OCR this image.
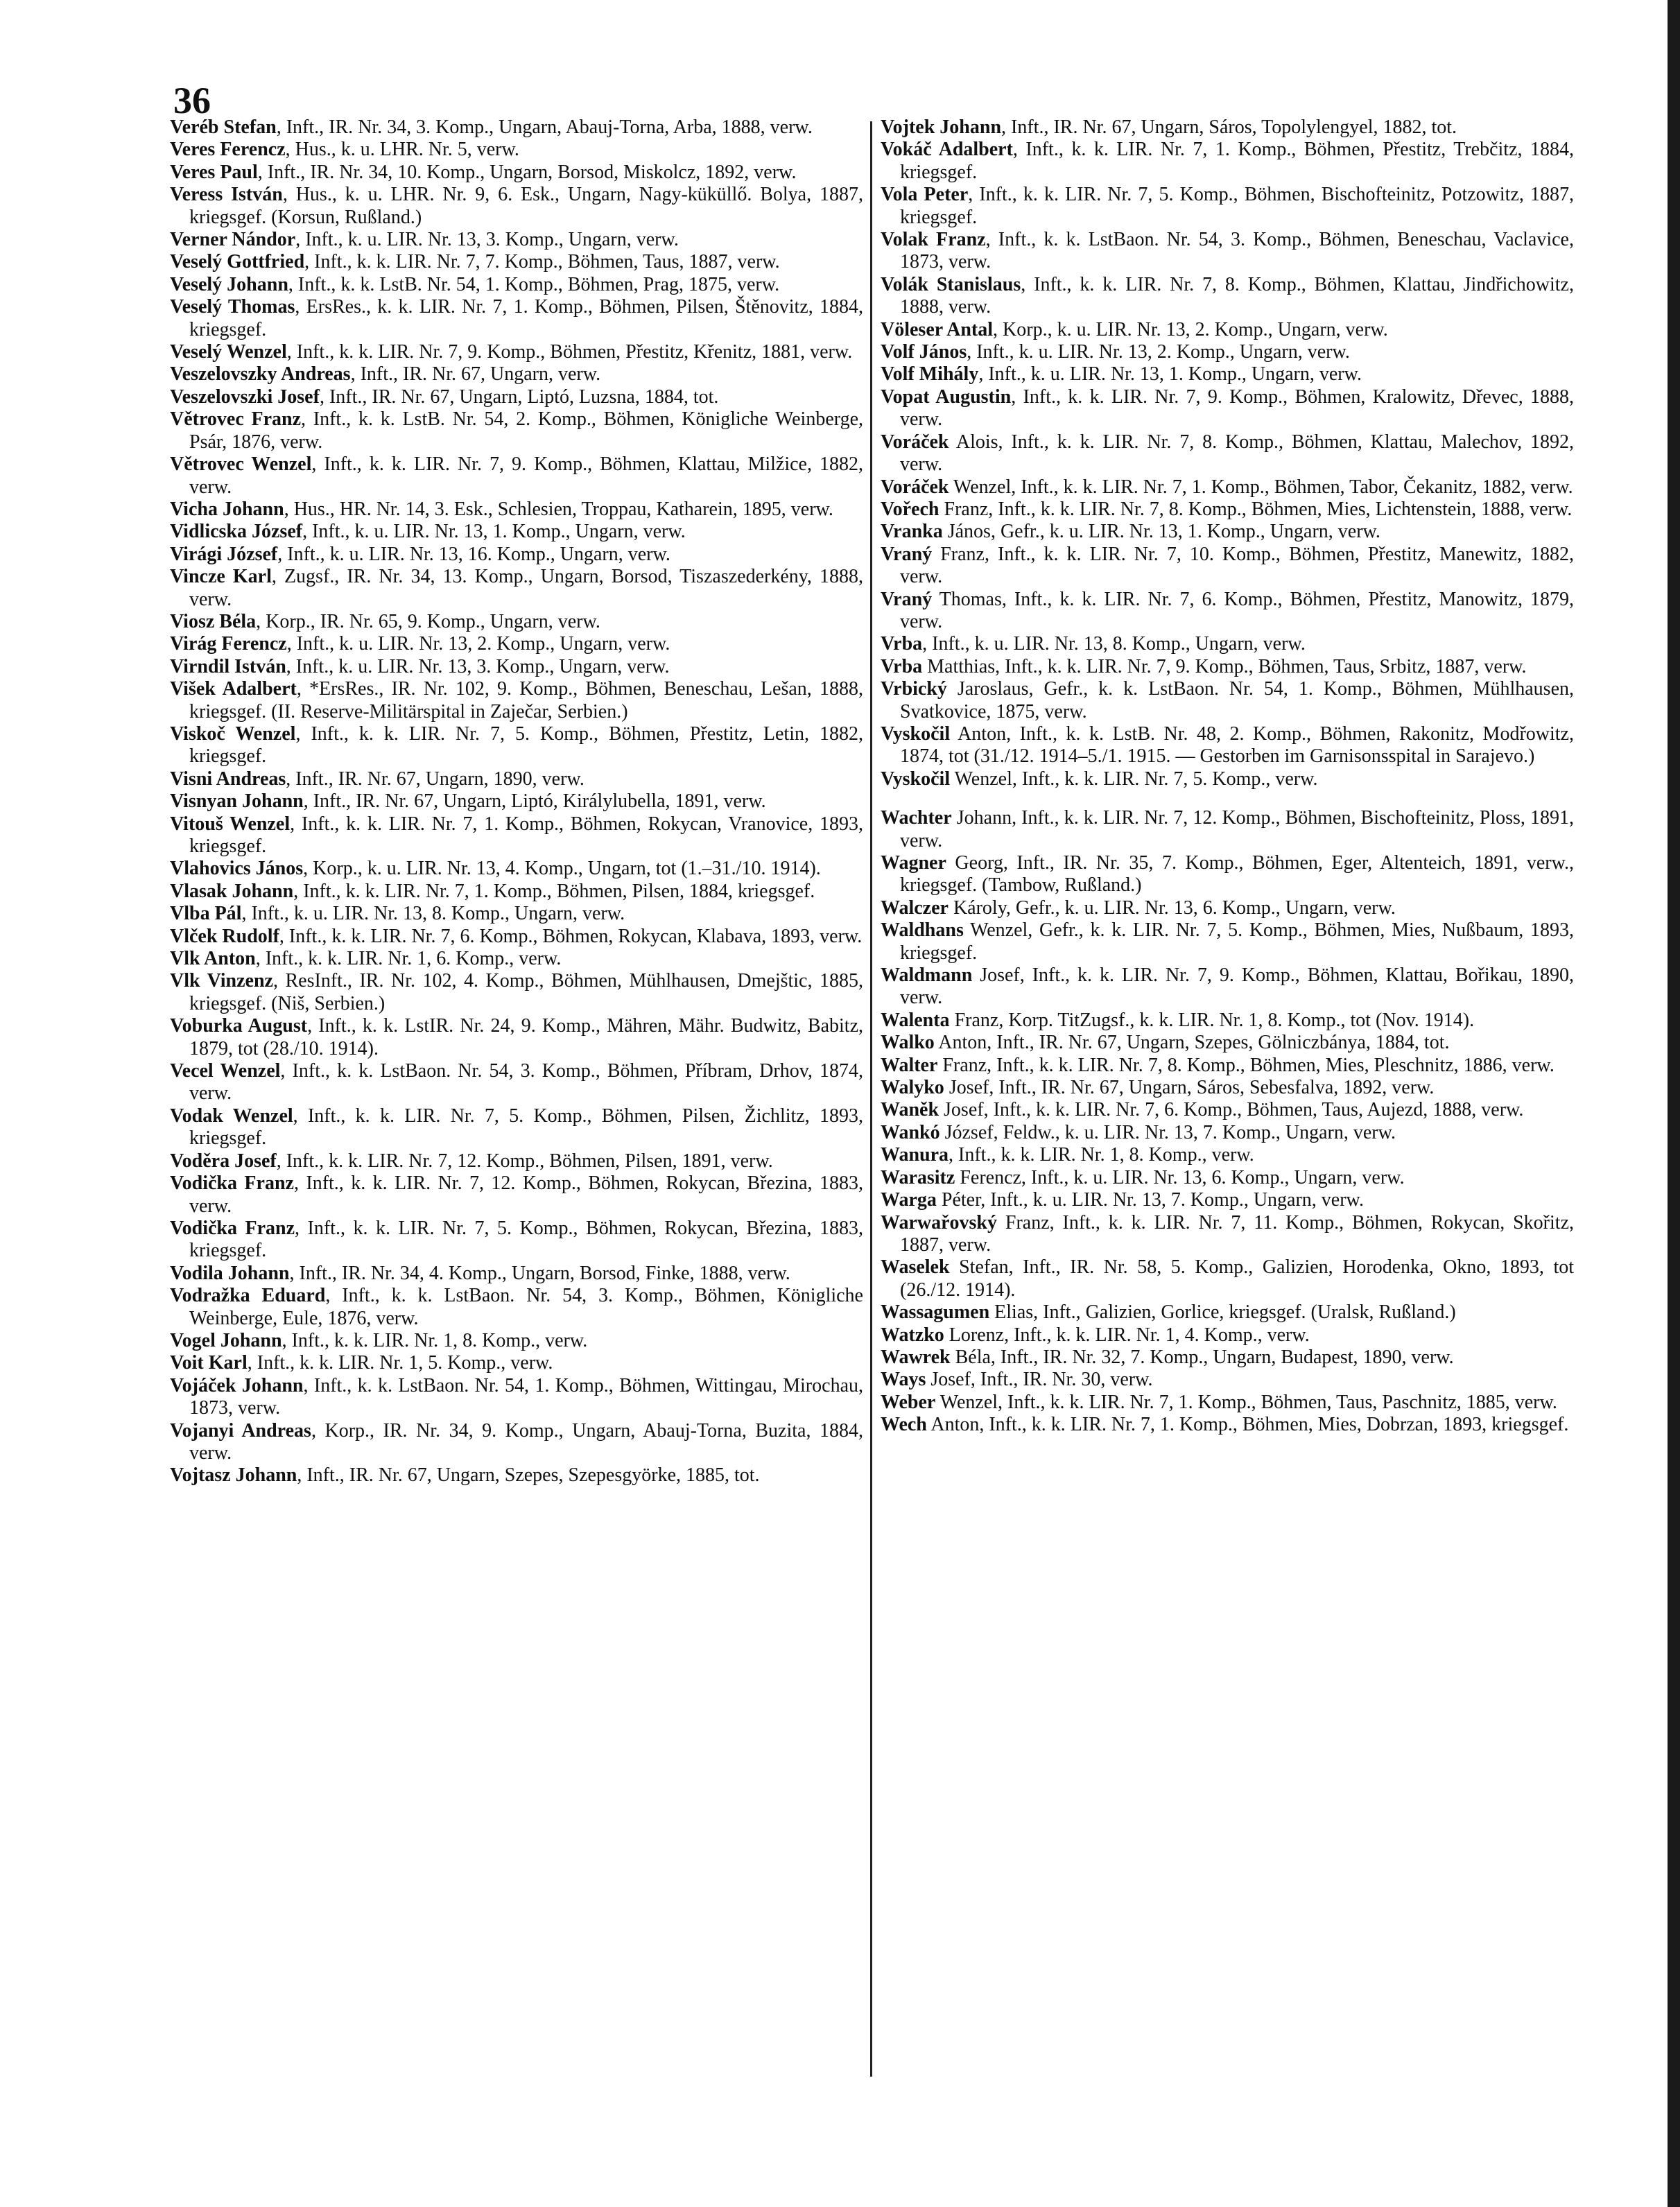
36
Veréb Stefan, Inft., IR. Nr. 34, 3. Komp., Ungarn, Abauj-Torna, Arba, 1888, verw.
Veres Ferencz, Hus., k. u. LHR. Nr. 5, verw.
Veres Paul, Inft., IR. Nr. 34, 10. Komp., Ungarn, Borsod, Miskolcz, 1892, verw.
Veress István, Hus., k. u. LHR. Nr. 9, 6. Esk., Ungarn, Nagy-küküllő. Bolya, 1887, kriegsgef. (Korsun, Rußland.)
Verner Nándor, Inft., k. u. LIR. Nr. 13, 3. Komp., Ungarn, verw.
Veselý Gottfried, Inft., k. k. LIR. Nr. 7, 7. Komp., Böhmen, Taus, 1887, verw.
Veselý Johann, Inft., k. k. LstB. Nr. 54, 1. Komp., Böhmen, Prag, 1875, verw.
Veselý Thomas, ErsRes., k. k. LIR. Nr. 7, 1. Komp., Böhmen, Pilsen, Štěnovitz, 1884, kriegsgef.
Veselý Wenzel, Inft., k. k. LIR. Nr. 7, 9. Komp., Böhmen, Přestitz, Křenitz, 1881, verw.
Veszelovszky Andreas, Inft., IR. Nr. 67, Ungarn, verw.
Veszelovszki Josef, Inft., IR. Nr. 67, Ungarn, Liptó, Luzsna, 1884, tot.
Větrovec Franz, Inft., k. k. LstB. Nr. 54, 2. Komp., Böhmen, Königliche Weinberge, Psár, 1876, verw.
Větrovec Wenzel, Inft., k. k. LIR. Nr. 7, 9. Komp., Böhmen, Klattau, Milžice, 1882, verw.
Vicha Johann, Hus., HR. Nr. 14, 3. Esk., Schlesien, Troppau, Katharein, 1895, verw.
Vidlicska József, Inft., k. u. LIR. Nr. 13, 1. Komp., Ungarn, verw.
Virági József, Inft., k. u. LIR. Nr. 13, 16. Komp., Ungarn, verw.
Vincze Karl, Zugsf., IR. Nr. 34, 13. Komp., Ungarn, Borsod, Tiszaszederkény, 1888, verw.
Viosz Béla, Korp., IR. Nr. 65, 9. Komp., Ungarn, verw.
Virág Ferencz, Inft., k. u. LIR. Nr. 13, 2. Komp., Ungarn, verw.
Virndil István, Inft., k. u. LIR. Nr. 13, 3. Komp., Ungarn, verw.
Višek Adalbert, *ErsRes., IR. Nr. 102, 9. Komp., Böhmen, Beneschau, Lešan, 1888, kriegsgef. (II. Reserve-Militärspital in Zaječar, Serbien.)
Viskoč Wenzel, Inft., k. k. LIR. Nr. 7, 5. Komp., Böhmen, Přestitz, Letin, 1882, kriegsgef.
Visni Andreas, Inft., IR. Nr. 67, Ungarn, 1890, verw.
Visnyan Johann, Inft., IR. Nr. 67, Ungarn, Liptó, Királylubella, 1891, verw.
Vitouš Wenzel, Inft., k. k. LIR. Nr. 7, 1. Komp., Böhmen, Rokycan, Vranovice, 1893, kriegsgef.
Vlahovics János, Korp., k. u. LIR. Nr. 13, 4. Komp., Ungarn, tot (1.–31./10. 1914).
Vlasak Johann, Inft., k. k. LIR. Nr. 7, 1. Komp., Böhmen, Pilsen, 1884, kriegsgef.
Vlba Pál, Inft., k. u. LIR. Nr. 13, 8. Komp., Ungarn, verw.
Vlček Rudolf, Inft., k. k. LIR. Nr. 7, 6. Komp., Böhmen, Rokycan, Klabava, 1893, verw.
Vlk Anton, Inft., k. k. LIR. Nr. 1, 6. Komp., verw.
Vlk Vinzenz, ResInft., IR. Nr. 102, 4. Komp., Böhmen, Mühlhausen, Dmejštic, 1885, kriegsgef. (Niš, Serbien.)
Voburka August, Inft., k. k. LstIR. Nr. 24, 9. Komp., Mähren, Mähr. Budwitz, Babitz, 1879, tot (28./10. 1914).
Vecel Wenzel, Inft., k. k. LstBaon. Nr. 54, 3. Komp., Böhmen, Příbram, Drhov, 1874, verw.
Vodak Wenzel, Inft., k. k. LIR. Nr. 7, 5. Komp., Böhmen, Pilsen, Žichlitz, 1893, kriegsgef.
Voděra Josef, Inft., k. k. LIR. Nr. 7, 12. Komp., Böhmen, Pilsen, 1891, verw.
Vodička Franz, Inft., k. k. LIR. Nr. 7, 12. Komp., Böhmen, Rokycan, Březina, 1883, verw.
Vodička Franz, Inft., k. k. LIR. Nr. 7, 5. Komp., Böhmen, Rokycan, Březina, 1883, kriegsgef.
Vodila Johann, Inft., IR. Nr. 34, 4. Komp., Ungarn, Borsod, Finke, 1888, verw.
Vodražka Eduard, Inft., k. k. LstBaon. Nr. 54, 3. Komp., Böhmen, Königliche Weinberge, Eule, 1876, verw.
Vogel Johann, Inft., k. k. LIR. Nr. 1, 8. Komp., verw.
Voit Karl, Inft., k. k. LIR. Nr. 1, 5. Komp., verw.
Vojáček Johann, Inft., k. k. LstBaon. Nr. 54, 1. Komp., Böhmen, Wittingau, Mirochau, 1873, verw.
Vojanyi Andreas, Korp., IR. Nr. 34, 9. Komp., Ungarn, Abauj-Torna, Buzita, 1884, verw.
Vojtasz Johann, Inft., IR. Nr. 67, Ungarn, Szepes, Szepesgyörke, 1885, tot.
Vojtek Johann, Inft., IR. Nr. 67, Ungarn, Sáros, Topolylengyel, 1882, tot.
Vokáč Adalbert, Inft., k. k. LIR. Nr. 7, 1. Komp., Böhmen, Přestitz, Trebčitz, 1884, kriegsgef.
Vola Peter, Inft., k. k. LIR. Nr. 7, 5. Komp., Böhmen, Bischofteinitz, Potzowitz, 1887, kriegsgef.
Volak Franz, Inft., k. k. LstBaon. Nr. 54, 3. Komp., Böhmen, Beneschau, Vaclavice, 1873, verw.
Volák Stanislaus, Inft., k. k. LIR. Nr. 7, 8. Komp., Böhmen, Klattau, Jindřichowitz, 1888, verw.
Völeser Antal, Korp., k. u. LIR. Nr. 13, 2. Komp., Ungarn, verw.
Volf János, Inft., k. u. LIR. Nr. 13, 2. Komp., Ungarn, verw.
Volf Mihály, Inft., k. u. LIR. Nr. 13, 1. Komp., Ungarn, verw.
Vopat Augustin, Inft., k. k. LIR. Nr. 7, 9. Komp., Böhmen, Kralowitz, Dřevec, 1888, verw.
Voráček Alois, Inft., k. k. LIR. Nr. 7, 8. Komp., Böhmen, Klattau, Malechov, 1892, verw.
Voráček Wenzel, Inft., k. k. LIR. Nr. 7, 1. Komp., Böhmen, Tabor, Čekanitz, 1882, verw.
Vořech Franz, Inft., k. k. LIR. Nr. 7, 8. Komp., Böhmen, Mies, Lichtenstein, 1888, verw.
Vranka János, Gefr., k. u. LIR. Nr. 13, 1. Komp., Ungarn, verw.
Vraný Franz, Inft., k. k. LIR. Nr. 7, 10. Komp., Böhmen, Přestitz, Manewitz, 1882, verw.
Vraný Thomas, Inft., k. k. LIR. Nr. 7, 6. Komp., Böhmen, Přestitz, Manowitz, 1879, verw.
Vrba, Inft., k. u. LIR. Nr. 13, 8. Komp., Ungarn, verw.
Vrba Matthias, Inft., k. k. LIR. Nr. 7, 9. Komp., Böhmen, Taus, Srbitz, 1887, verw.
Vrbický Jaroslaus, Gefr., k. k. LstBaon. Nr. 54, 1. Komp., Böhmen, Mühlhausen, Svatkovice, 1875, verw.
Vyskočil Anton, Inft., k. k. LstB. Nr. 48, 2. Komp., Böhmen, Rakonitz, Modřowitz, 1874, tot (31./12. 1914–5./1. 1915. — Gestorben im Garnisonsspital in Sarajevo.)
Vyskočil Wenzel, Inft., k. k. LIR. Nr. 7, 5. Komp., verw.
Wachter Johann, Inft., k. k. LIR. Nr. 7, 12. Komp., Böhmen, Bischofteinitz, Ploss, 1891, verw.
Wagner Georg, Inft., IR. Nr. 35, 7. Komp., Böhmen, Eger, Altenteich, 1891, verw., kriegsgef. (Tambow, Rußland.)
Walczer Károly, Gefr., k. u. LIR. Nr. 13, 6. Komp., Ungarn, verw.
Waldhans Wenzel, Gefr., k. k. LIR. Nr. 7, 5. Komp., Böhmen, Mies, Nußbaum, 1893, kriegsgef.
Waldmann Josef, Inft., k. k. LIR. Nr. 7, 9. Komp., Böhmen, Klattau, Bořikau, 1890, verw.
Walenta Franz, Korp. TitZugsf., k. k. LIR. Nr. 1, 8. Komp., tot (Nov. 1914).
Walko Anton, Inft., IR. Nr. 67, Ungarn, Szepes, Gölniczbánya, 1884, tot.
Walter Franz, Inft., k. k. LIR. Nr. 7, 8. Komp., Böhmen, Mies, Pleschnitz, 1886, verw.
Walyko Josef, Inft., IR. Nr. 67, Ungarn, Sáros, Sebesfalva, 1892, verw.
Waněk Josef, Inft., k. k. LIR. Nr. 7, 6. Komp., Böhmen, Taus, Aujezd, 1888, verw.
Wankó József, Feldw., k. u. LIR. Nr. 13, 7. Komp., Ungarn, verw.
Wanura, Inft., k. k. LIR. Nr. 1, 8. Komp., verw.
Warasitz Ferencz, Inft., k. u. LIR. Nr. 13, 6. Komp., Ungarn, verw.
Warga Péter, Inft., k. u. LIR. Nr. 13, 7. Komp., Ungarn, verw.
Warwařovský Franz, Inft., k. k. LIR. Nr. 7, 11. Komp., Böhmen, Rokycan, Skořitz, 1887, verw.
Waselek Stefan, Inft., IR. Nr. 58, 5. Komp., Galizien, Horodenka, Okno, 1893, tot (26./12. 1914).
Wassagumen Elias, Inft., Galizien, Gorlice, kriegsgef. (Uralsk, Rußland.)
Watzko Lorenz, Inft., k. k. LIR. Nr. 1, 4. Komp., verw.
Wawrek Béla, Inft., IR. Nr. 32, 7. Komp., Ungarn, Budapest, 1890, verw.
Ways Josef, Inft., IR. Nr. 30, verw.
Weber Wenzel, Inft., k. k. LIR. Nr. 7, 1. Komp., Böhmen, Taus, Paschnitz, 1885, verw.
Wech Anton, Inft., k. k. LIR. Nr. 7, 1. Komp., Böhmen, Mies, Dobrzan, 1893, kriegsgef.
